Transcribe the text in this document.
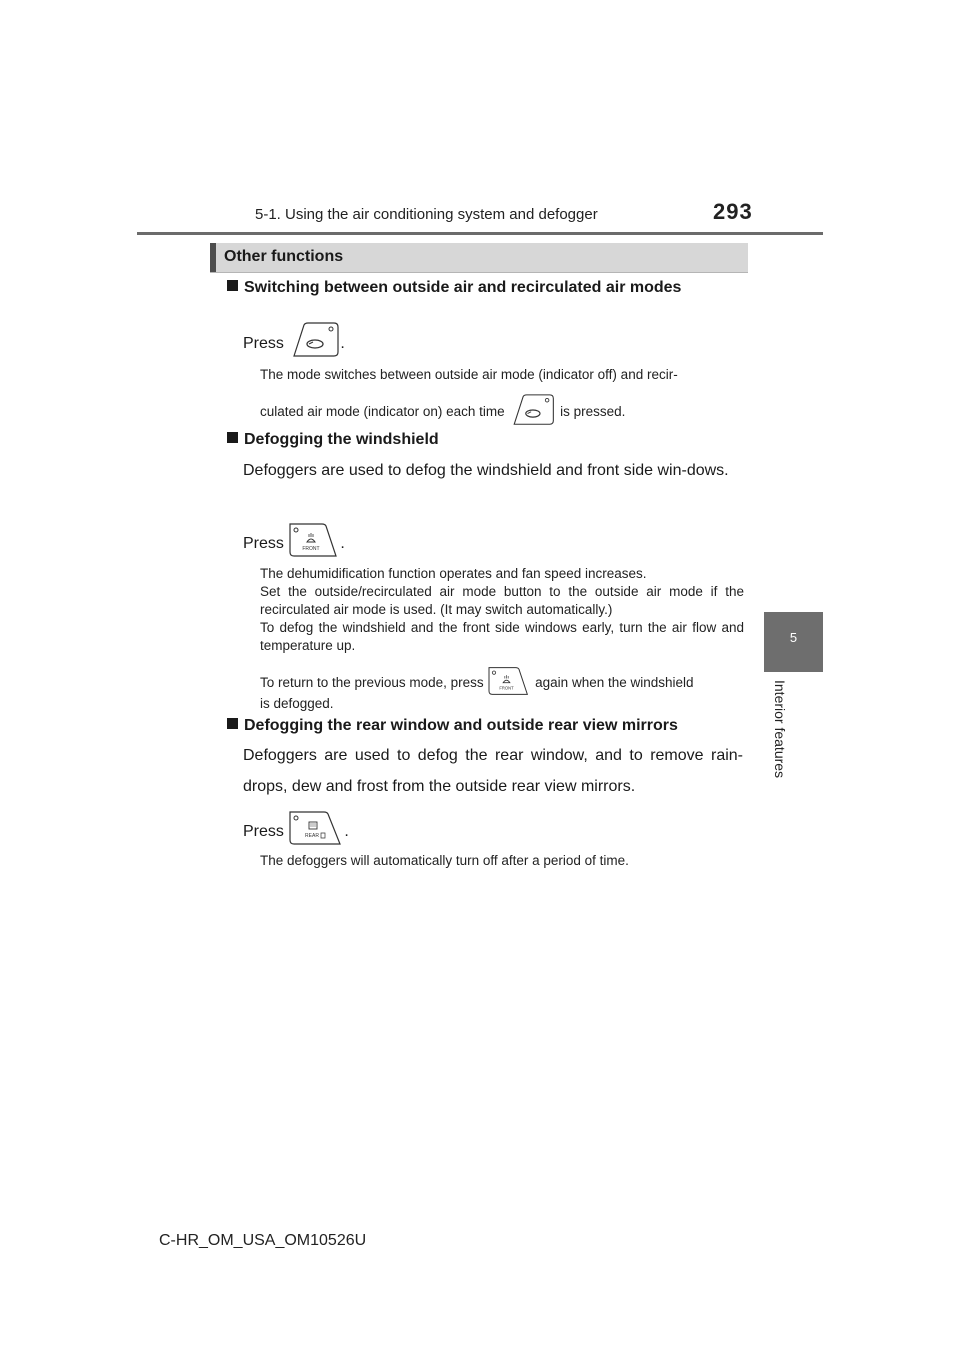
5-1. Using the air conditioning system and defogger	293
5
Interior features
Other functions
Switching between outside air and recirculated air modes
Press	.
The mode switches between outside air mode (indicator off) and recir-
culated air mode (indicator on) each time	is pressed.
Defogging the windshield
Defoggers are used to defog the windshield and front side win-dows.
Press	FRONT .
The dehumidification function operates and fan speed increases.
Set the outside/recirculated air mode button to the outside air mode if the recirculated air mode is used. (It may switch automatically.)
To defog the windshield and the front side windows early, turn the air flow and temperature up.
To return to the previous mode, press	FRONT again when the windshield
is defogged.
Defogging the rear window and outside rear view mirrors
Defoggers are used to defog the rear window, and to remove rain-drops, dew and frost from the outside rear view mirrors.
Press	REAR .
The defoggers will automatically turn off after a period of time.
C-HR_OM_USA_OM10526U
